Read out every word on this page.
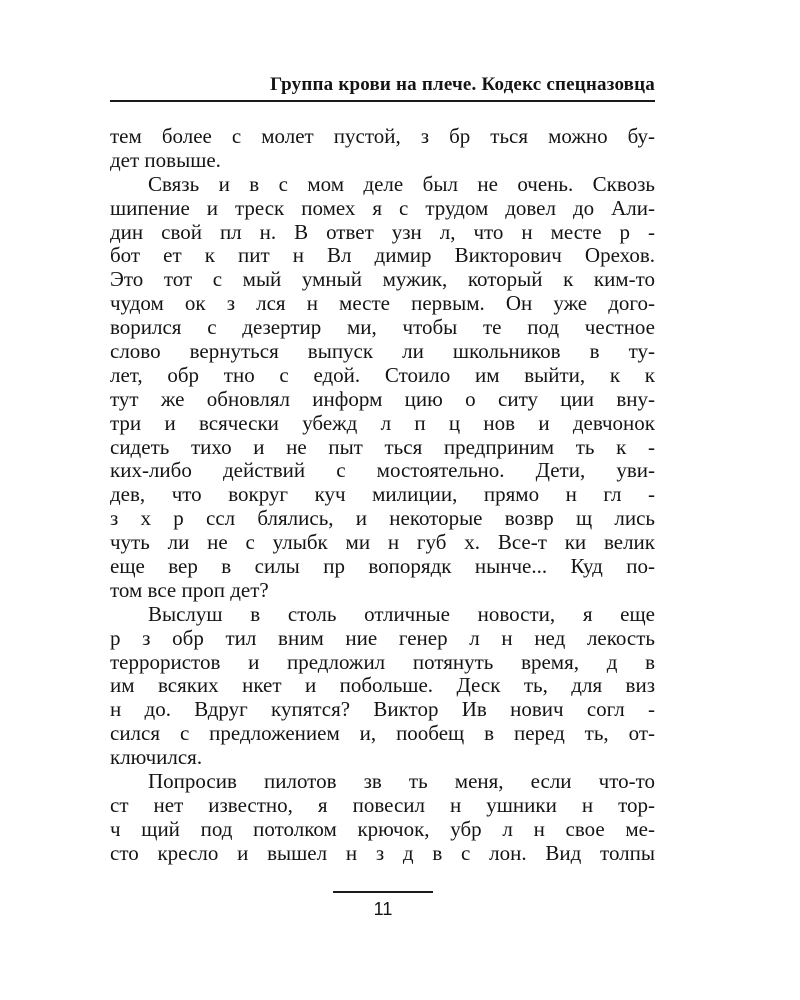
Группа крови на плече. Кодекс спецназовца
тем более с молет пустой, з бр ться можно бу-
дет повыше.
Связь и в с мом деле был не очень. Сквозь
шипение и треск помех я с трудом довел до Али-
дин свой пл н. В ответ узн л, что н месте р -
бот ет к пит н Вл димир Викторович Орехов.
Это тот с мый умный мужик, который к ким-то
чудом ок з лся н месте первым. Он уже дого-
ворился с дезертир ми, чтобы те под честное
слово вернуться выпуск ли школьников в ту-
лет, обр тно с едой. Стоило им выйти, к к
тут же обновлял информ цию о ситу ции вну-
три и всячески убежд л п ц нов и девчонок
сидеть тихо и не пыт ться предприним ть к -
ких-либо действий с мостоятельно. Дети, уви-
дев, что вокруг куч милиции, прямо н гл -
з х р ссл блялись, и некоторые возвр щ лись
чуть ли не с улыбк ми н губ х. Все-т ки велик
еще вер в силы пр вопорядк нынче... Куд по-
том все проп дет?
Выслуш в столь отличные новости, я еще
р з обр тил вним ние генер л н нед лекость
террористов и предложил потянуть время, д в
им всяких нкет и побольше. Деск ть, для виз
н до. Вдруг купятся? Виктор Ив нович согл -
сился с предложением и, пообещ в перед ть, от-
ключился.
Попросив пилотов зв ть меня, если что-то
ст нет известно, я повесил н ушники н тор-
ч щий под потолком крючок, убр л н свое ме-
сто кресло и вышел н з д в с лон. Вид толпы
11
